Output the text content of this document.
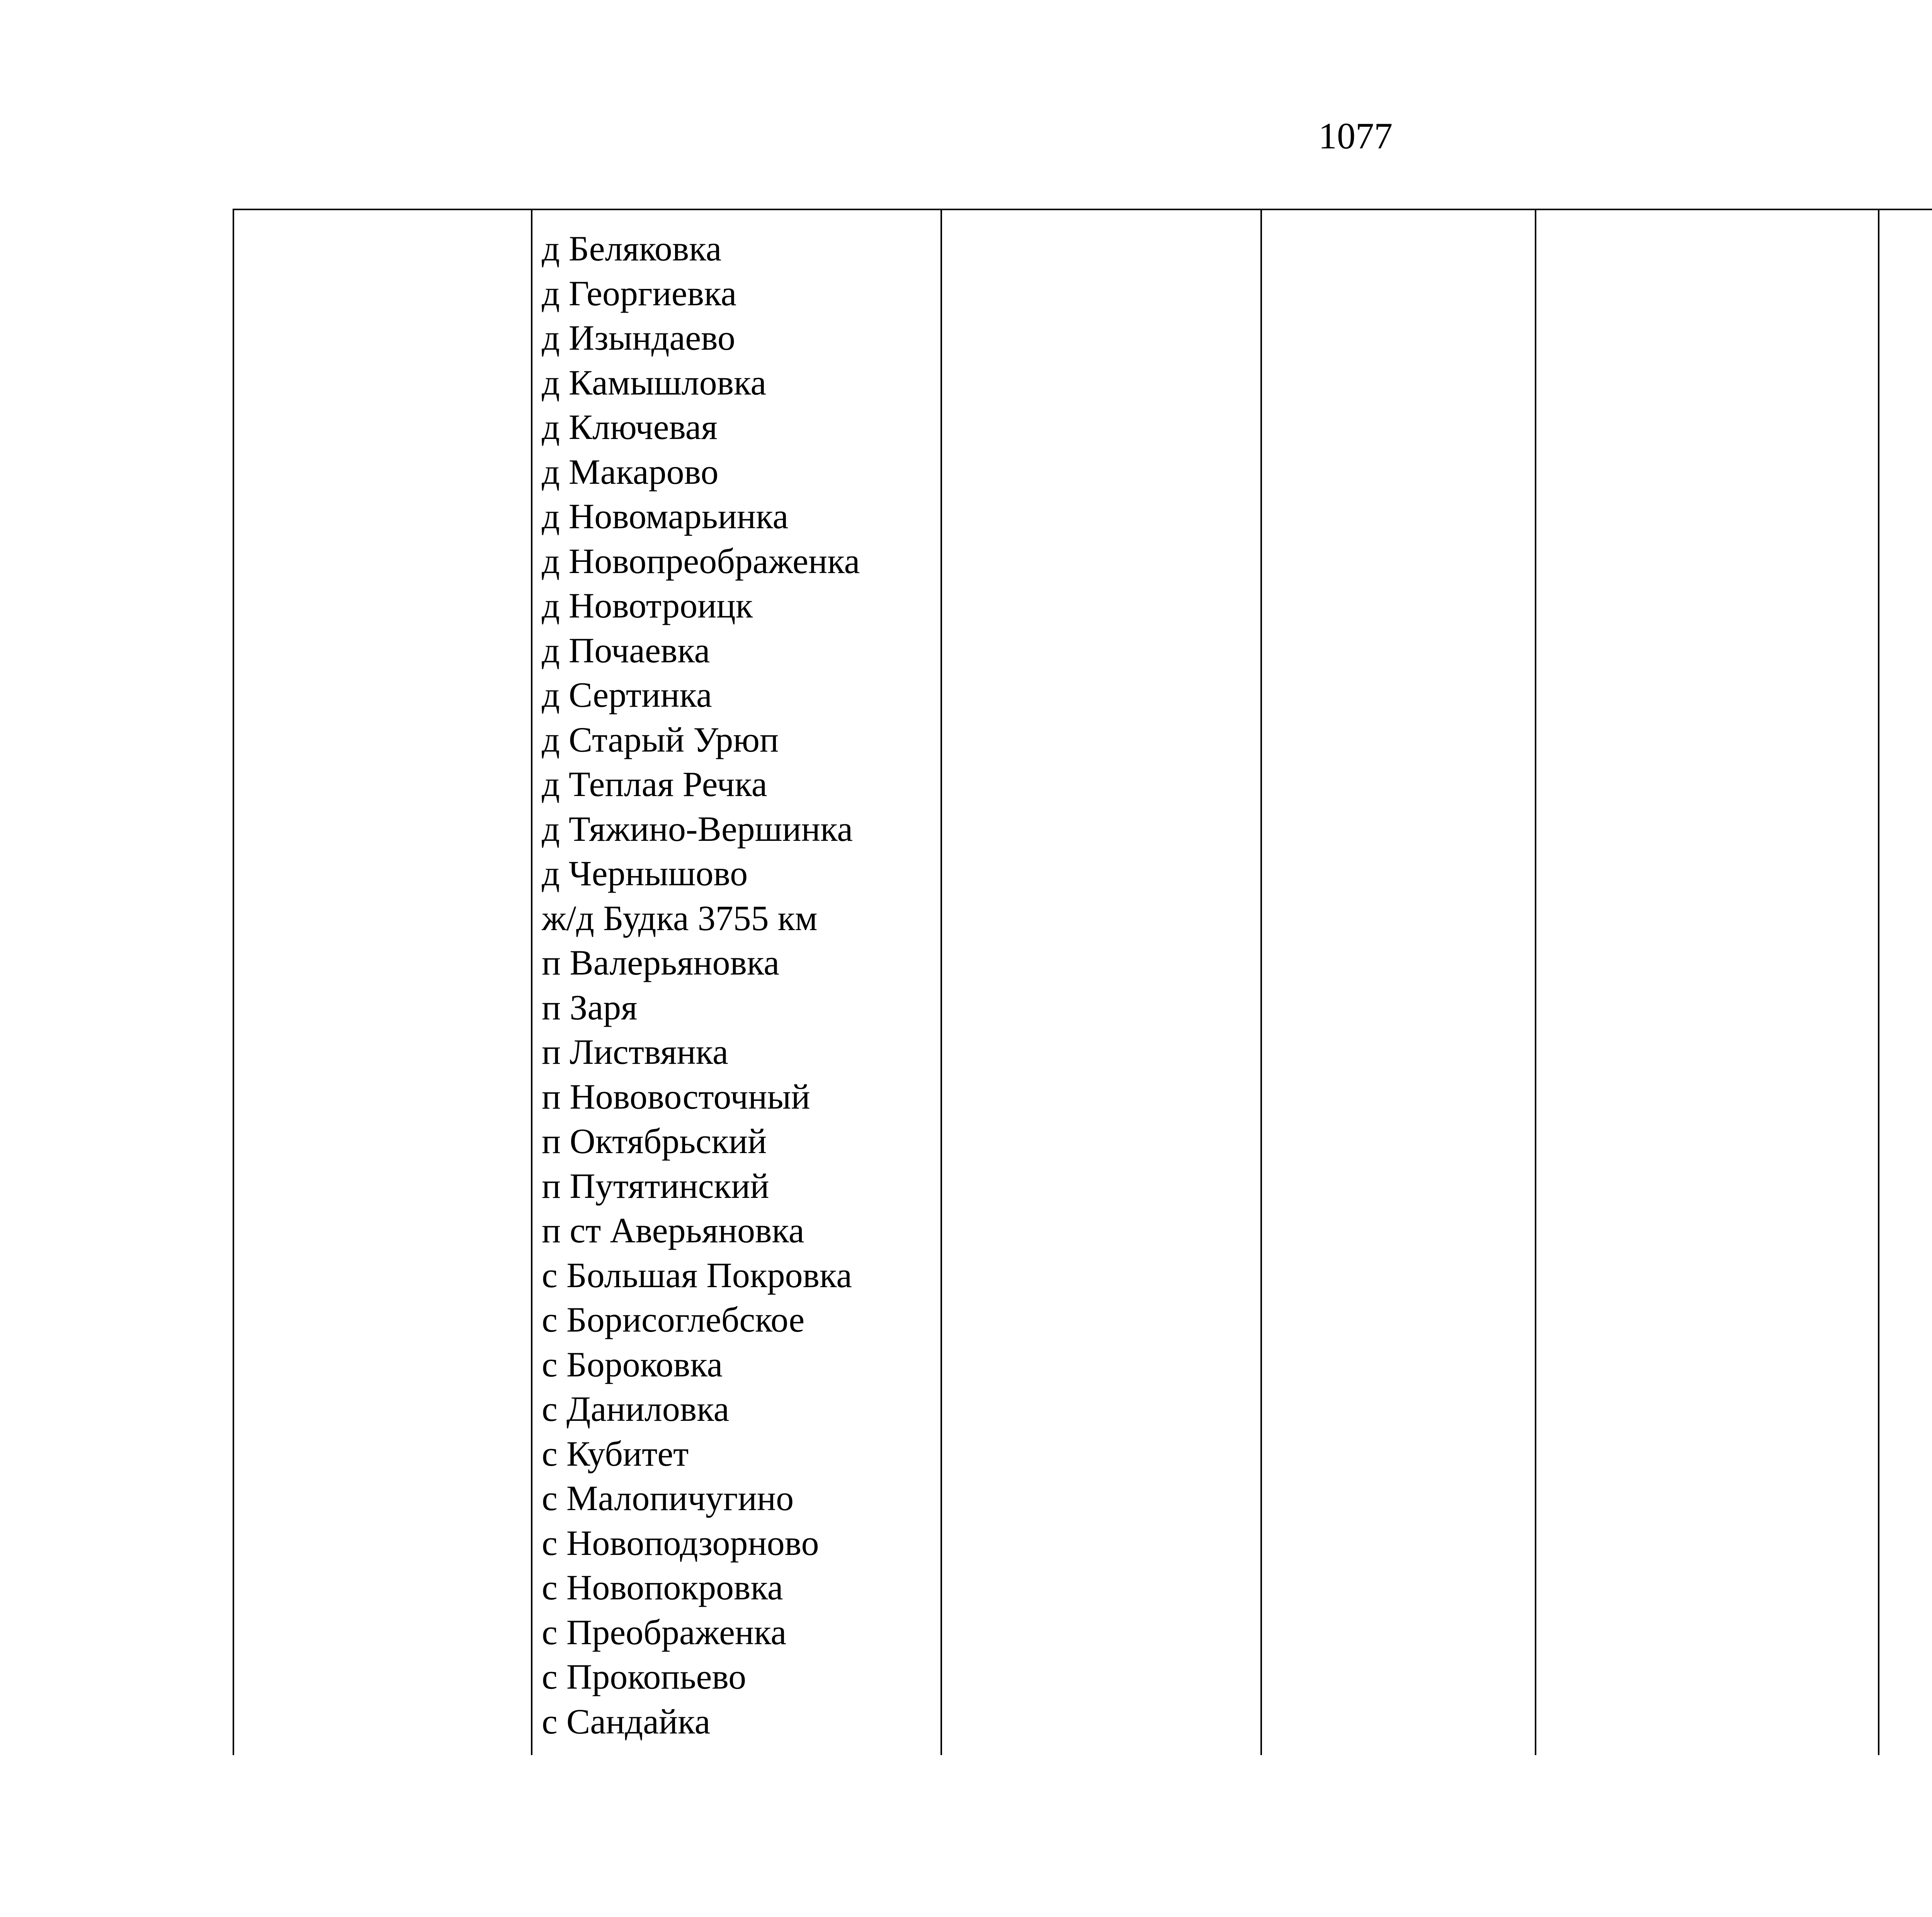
1077

д Беляковка
д Георгиевка
д Изындаево
д Камышловка
д Ключевая
д Макарово
д Новомарьинка
д Новопреображенка
д Новотроицк
д Почаевка
д Сертинка
д Старый Урюп
д Теплая Речка
д Тяжино-Вершинка
д Чернышово
ж/д Будка 3755 км
п Валерьяновка
п Заря
п Листвянка
п Нововосточный
п Октябрьский
п Путятинский
п ст Аверьяновка
с Большая Покровка
с Борисоглебское
с Бороковка
с Даниловка
с Кубитет
с Малопичугино
с Новоподзорново
с Новопокровка
с Преображенка
с Прокопьево
с Сандайка
